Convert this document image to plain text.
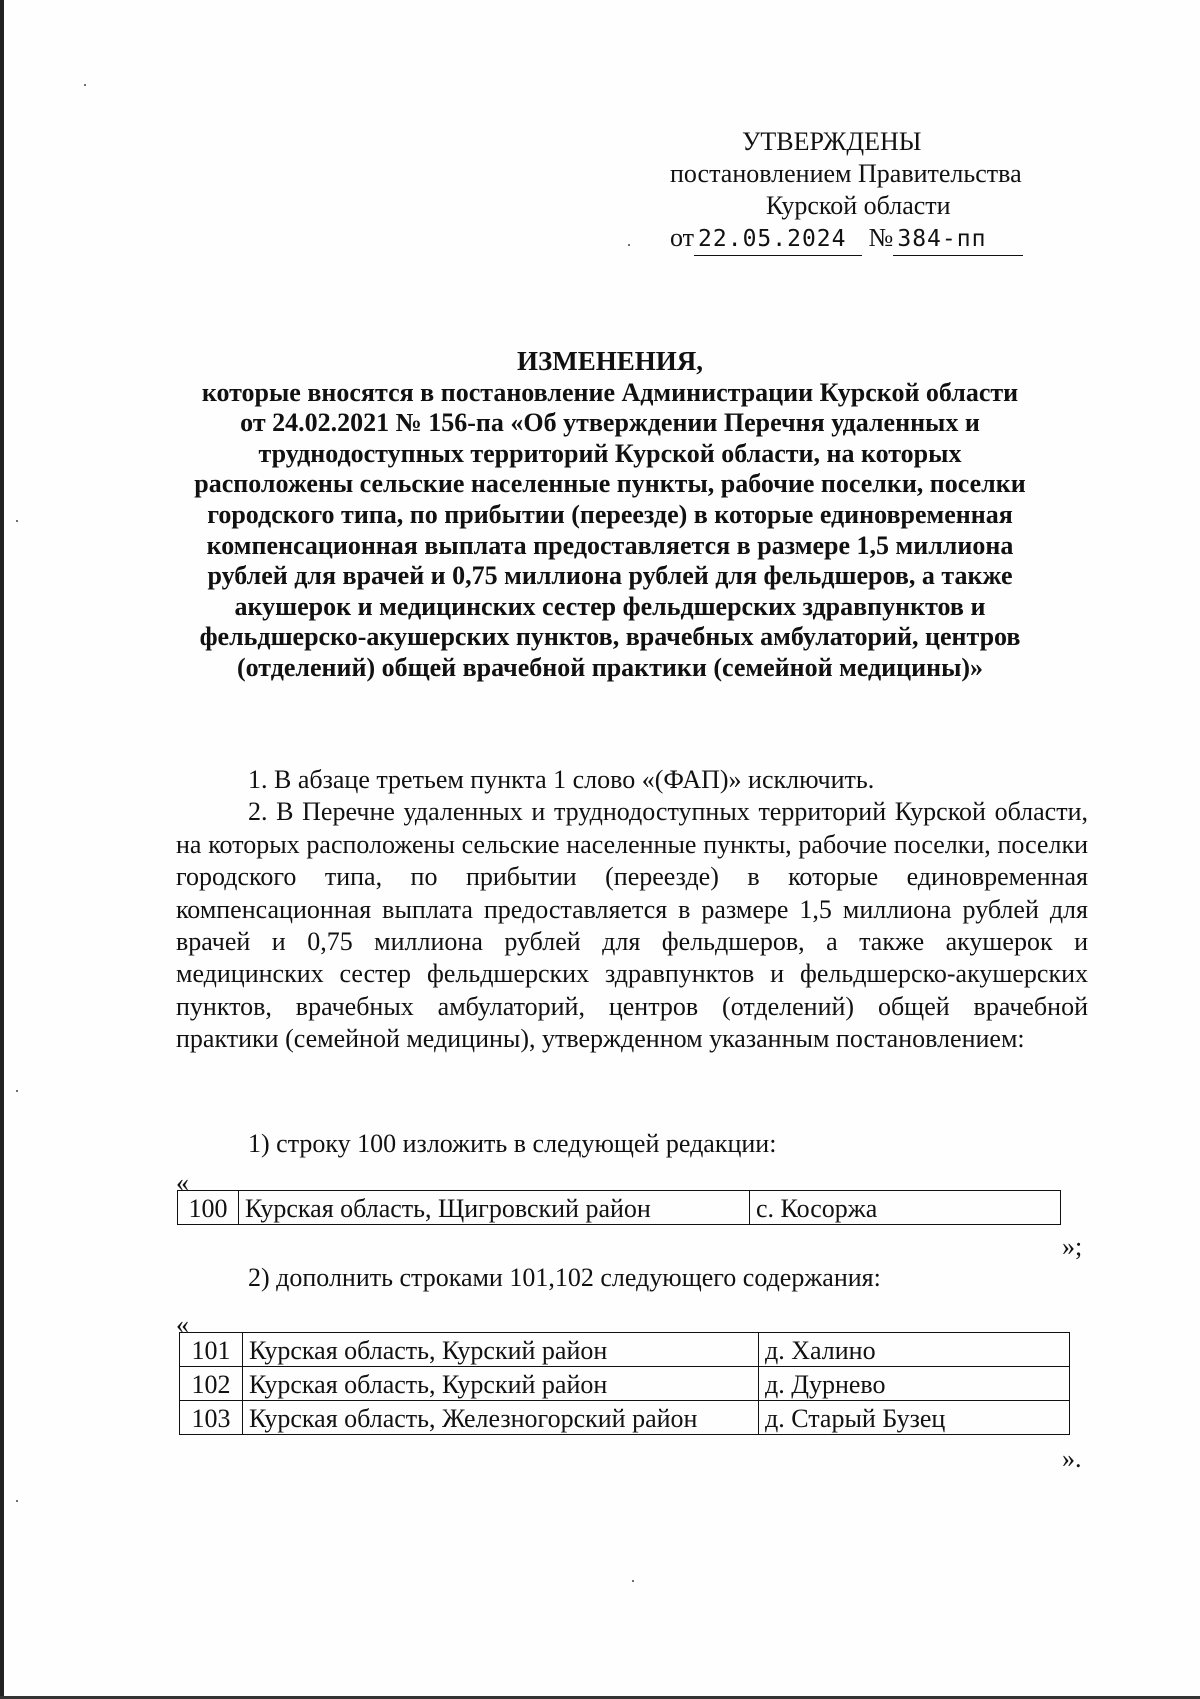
УТВЕРЖДЕНЫ
постановлением Правительства
Курской области
от 22.05.2024 № 384-пп
ИЗМЕНЕНИЯ,
которые вносятся в постановление Администрации Курской области
от 24.02.2021 № 156-па «Об утверждении Перечня удаленных и
труднодоступных территорий Курской области, на которых
расположены сельские населенные пункты, рабочие поселки, поселки
городского типа, по прибытии (переезде) в которые единовременная
компенсационная выплата предоставляется в размере 1,5 миллиона
рублей для врачей и 0,75 миллиона рублей для фельдшеров, а также
акушерок и медицинских сестер фельдшерских здравпунктов и
фельдшерско-акушерских пунктов, врачебных амбулаторий, центров
(отделений) общей врачебной практики (семейной медицины)»

1. В абзаце третьем пункта 1 слово «(ФАП)» исключить.

2. В Перечне удаленных и труднодоступных территорий Курской области, на которых расположены сельские населенные пункты, рабочие поселки, поселки городского типа, по прибытии (переезде) в которые единовременная компенсационная выплата предоставляется в размере 1,5 миллиона рублей для врачей и 0,75 миллиона рублей для фельдшеров, а также акушерок и медицинских сестер фельдшерских здравпунктов и фельдшерско-акушерских пунктов, врачебных амбулаторий, центров (отделений) общей врачебной практики (семейной медицины), утвержденном указанным постановлением:

1) строку 100 изложить в следующей редакции:
«
100	Курская область, Щигровский район	с. Косоржа
»;
2) дополнить строками 101,102 следующего содержания:
«
101	Курская область, Курский район	д. Халино
102	Курская область, Курский район	д. Дурнево
103	Курская область, Железногорский район	д. Старый Бузец
».
